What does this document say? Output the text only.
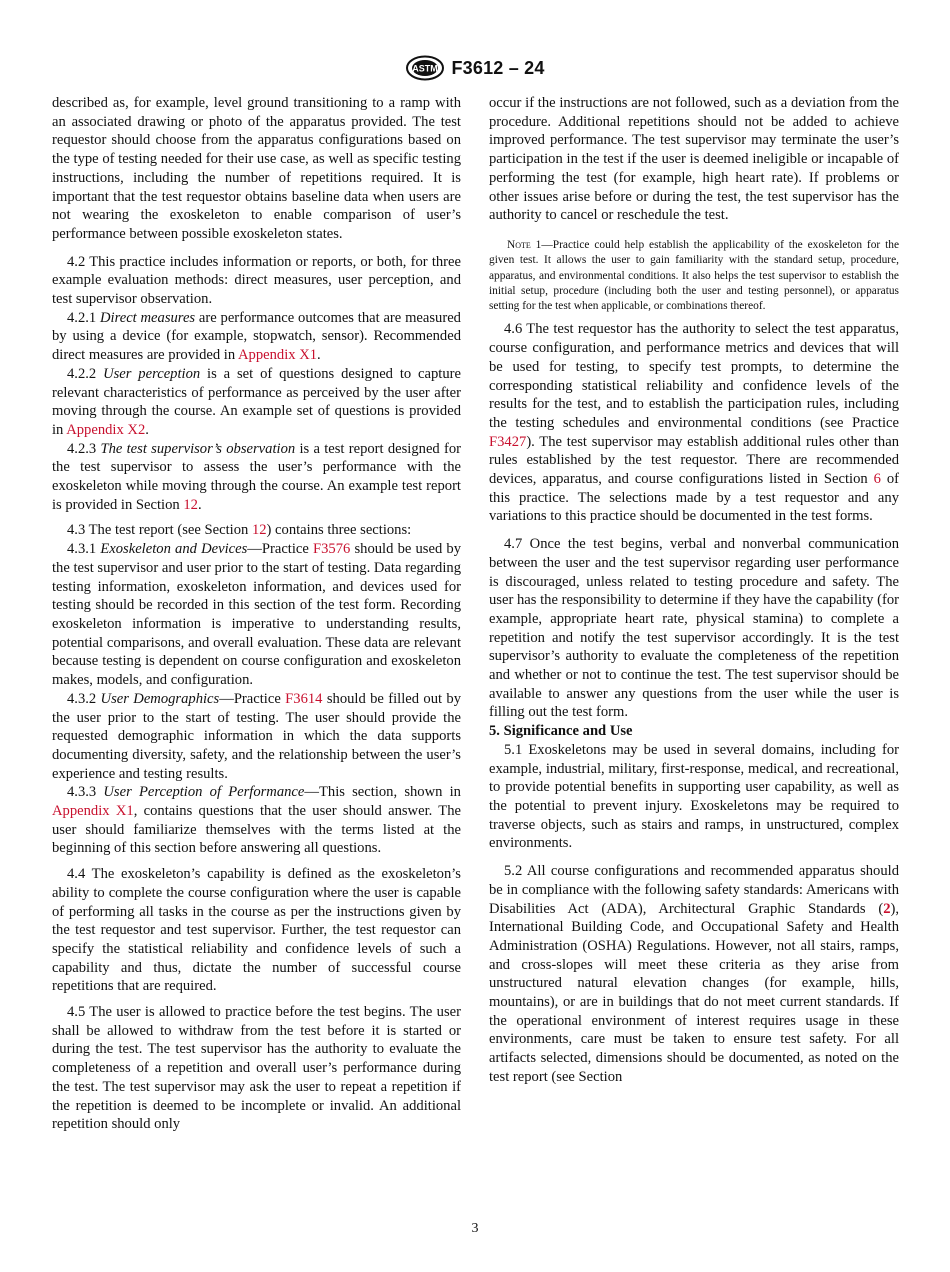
ASTM F3612 – 24

described as, for example, level ground transitioning to a ramp with an associated drawing or photo of the apparatus provided. The test requestor should choose from the apparatus configurations based on the type of testing needed for their use case, as well as specific testing instructions, including the number of repetitions required. It is important that the test requestor obtains baseline data when users are not wearing the exoskeleton to enable comparison of user’s performance between possible exoskeleton states.

4.2 This practice includes information or reports, or both, for three example evaluation methods: direct measures, user perception, and test supervisor observation.

4.2.1 Direct measures are performance outcomes that are measured by using a device (for example, stopwatch, sensor). Recommended direct measures are provided in Appendix X1.

4.2.2 User perception is a set of questions designed to capture relevant characteristics of performance as perceived by the user after moving through the course. An example set of questions is provided in Appendix X2.

4.2.3 The test supervisor’s observation is a test report designed for the test supervisor to assess the user’s performance with the exoskeleton while moving through the course. An example test report is provided in Section 12.

4.3 The test report (see Section 12) contains three sections:

4.3.1 Exoskeleton and Devices—Practice F3576 should be used by the test supervisor and user prior to the start of testing. Data regarding testing information, exoskeleton information, and devices used for testing should be recorded in this section of the test form. Recording exoskeleton information is imperative to understanding results, potential comparisons, and overall evaluation. These data are relevant because testing is dependent on course configuration and exoskeleton makes, models, and configuration.

4.3.2 User Demographics—Practice F3614 should be filled out by the user prior to the start of testing. The user should provide the requested demographic information in which the data supports documenting diversity, safety, and the relationship between the user’s experience and testing results.

4.3.3 User Perception of Performance—This section, shown in Appendix X1, contains questions that the user should answer. The user should familiarize themselves with the terms listed at the beginning of this section before answering all questions.

4.4 The exoskeleton’s capability is defined as the exoskeleton’s ability to complete the course configuration where the user is capable of performing all tasks in the course as per the instructions given by the test requestor and test supervisor. Further, the test requestor can specify the statistical reliability and confidence levels of such a capability and thus, dictate the number of successful course repetitions that are required.

4.5 The user is allowed to practice before the test begins. The user shall be allowed to withdraw from the test before it is started or during the test. The test supervisor has the authority to evaluate the completeness of a repetition and overall user’s performance during the test. The test supervisor may ask the user to repeat a repetition if the repetition is deemed to be incomplete or invalid. An additional repetition should only

occur if the instructions are not followed, such as a deviation from the procedure. Additional repetitions should not be added to achieve improved performance. The test supervisor may terminate the user’s participation in the test if the user is deemed ineligible or incapable of performing the test (for example, high heart rate). If problems or other issues arise before or during the test, the test supervisor has the authority to cancel or reschedule the test.

Note 1—Practice could help establish the applicability of the exoskeleton for the given test. It allows the user to gain familiarity with the standard setup, procedure, apparatus, and environmental conditions. It also helps the test supervisor to establish the initial setup, procedure (including both the user and testing personnel), or apparatus setting for the test when applicable, or combinations thereof.

4.6 The test requestor has the authority to select the test apparatus, course configuration, and performance metrics and devices that will be used for testing, to specify test prompts, to determine the corresponding statistical reliability and confidence levels of the results for the test, and to establish the participation rules, including the testing schedules and environmental conditions (see Practice F3427). The test supervisor may establish additional rules other than rules established by the test requestor. There are recommended devices, apparatus, and course configurations listed in Section 6 of this practice. The selections made by a test requestor and any variations to this practice should be documented in the test forms.

4.7 Once the test begins, verbal and nonverbal communication between the user and the test supervisor regarding user performance is discouraged, unless related to testing procedure and safety. The user has the responsibility to determine if they have the capability (for example, appropriate heart rate, physical stamina) to complete a repetition and notify the test supervisor accordingly. It is the test supervisor’s authority to evaluate the completeness of the repetition and whether or not to continue the test. The test supervisor should be available to answer any questions from the user while the user is filling out the test form.

5. Significance and Use

5.1 Exoskeletons may be used in several domains, including for example, industrial, military, first-response, medical, and recreational, to provide potential benefits in supporting user capability, as well as the potential to prevent injury. Exoskeletons may be required to traverse objects, such as stairs and ramps, in unstructured, complex environments.

5.2 All course configurations and recommended apparatus should be in compliance with the following safety standards: Americans with Disabilities Act (ADA), Architectural Graphic Standards (2), International Building Code, and Occupational Safety and Health Administration (OSHA) Regulations. However, not all stairs, ramps, and cross-slopes will meet these criteria as they arise from unstructured natural elevation changes (for example, hills, mountains), or are in buildings that do not meet current standards. If the operational environment of interest requires usage in these environments, care must be taken to ensure test safety. For all artifacts selected, dimensions should be documented, as noted on the test report (see Section

3
